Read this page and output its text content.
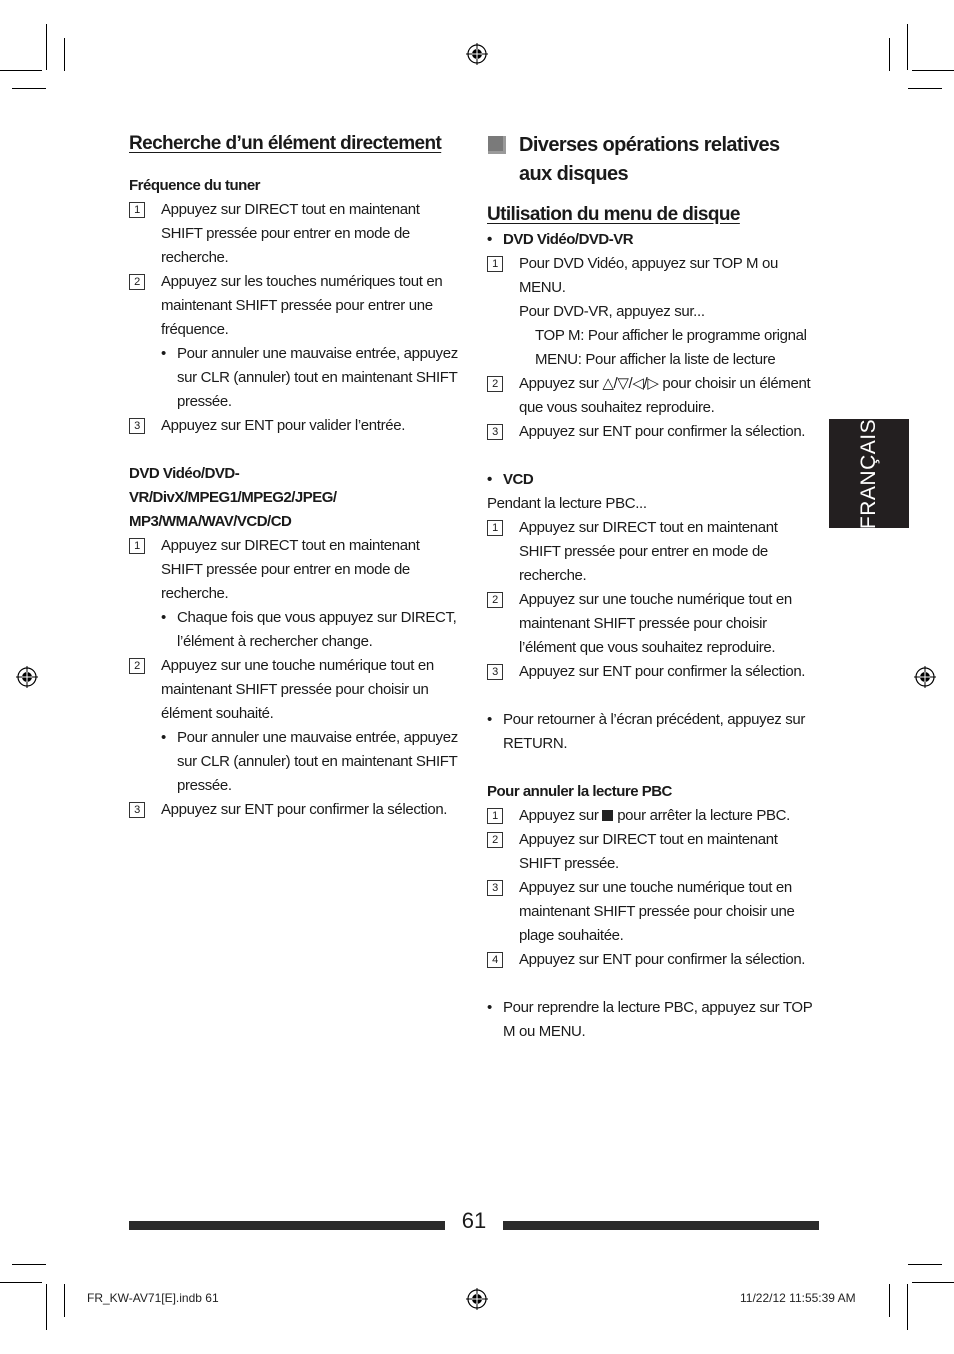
FRANÇAIS
Recherche d’un élément directement
Fréquence du tuner
1	Appuyez sur DIRECT tout en maintenant SHIFT pressée pour entrer en mode de recherche.
2	Appuyez sur les touches numériques tout en maintenant SHIFT pressée pour entrer une fréquence.
• Pour annuler une mauvaise entrée, appuyez sur CLR (annuler) tout en maintenant SHIFT pressée.
3	Appuyez sur ENT pour valider l’entrée.
DVD Vidéo/DVD-VR/DivX/MPEG1/MPEG2/JPEG/ MP3/WMA/WAV/VCD/CD
1	Appuyez sur DIRECT tout en maintenant SHIFT pressée pour entrer en mode de recherche.
• Chaque fois que vous appuyez sur DIRECT, l’élément à rechercher change.
2	Appuyez sur une touche numérique tout en maintenant SHIFT pressée pour choisir un élément souhaité.
• Pour annuler une mauvaise entrée, appuyez sur CLR (annuler) tout en maintenant SHIFT pressée.
3	Appuyez sur ENT pour confirmer la sélection.
Diverses opérations relatives aux disques
Utilisation du menu de disque
• DVD Vidéo/DVD-VR
1	Pour DVD Vidéo, appuyez sur TOP M ou MENU.
Pour DVD-VR, appuyez sur...
TOP M: Pour afficher le programme orignal
MENU: Pour afficher la liste de lecture
2	Appuyez sur △/▽/◁/▷ pour choisir un élément que vous souhaitez reproduire.
3	Appuyez sur ENT pour confirmer la sélection.
• VCD
Pendant la lecture PBC...
1	Appuyez sur DIRECT tout en maintenant SHIFT pressée pour entrer en mode de recherche.
2	Appuyez sur une touche numérique tout en maintenant SHIFT pressée pour choisir l’élément que vous souhaitez reproduire.
3	Appuyez sur ENT pour confirmer la sélection.
• Pour retourner à l’écran précédent, appuyez sur RETURN.
Pour annuler la lecture PBC
1	Appuyez sur pour arrêter la lecture PBC.
2	Appuyez sur DIRECT tout en maintenant SHIFT pressée.
3	Appuyez sur une touche numérique tout en maintenant SHIFT pressée pour choisir une plage souhaitée.
4	Appuyez sur ENT pour confirmer la sélection.
• Pour reprendre la lecture PBC, appuyez sur TOP M ou MENU.
61
FR_KW-AV71[E].indb 61	11/22/12 11:55:39 AM
